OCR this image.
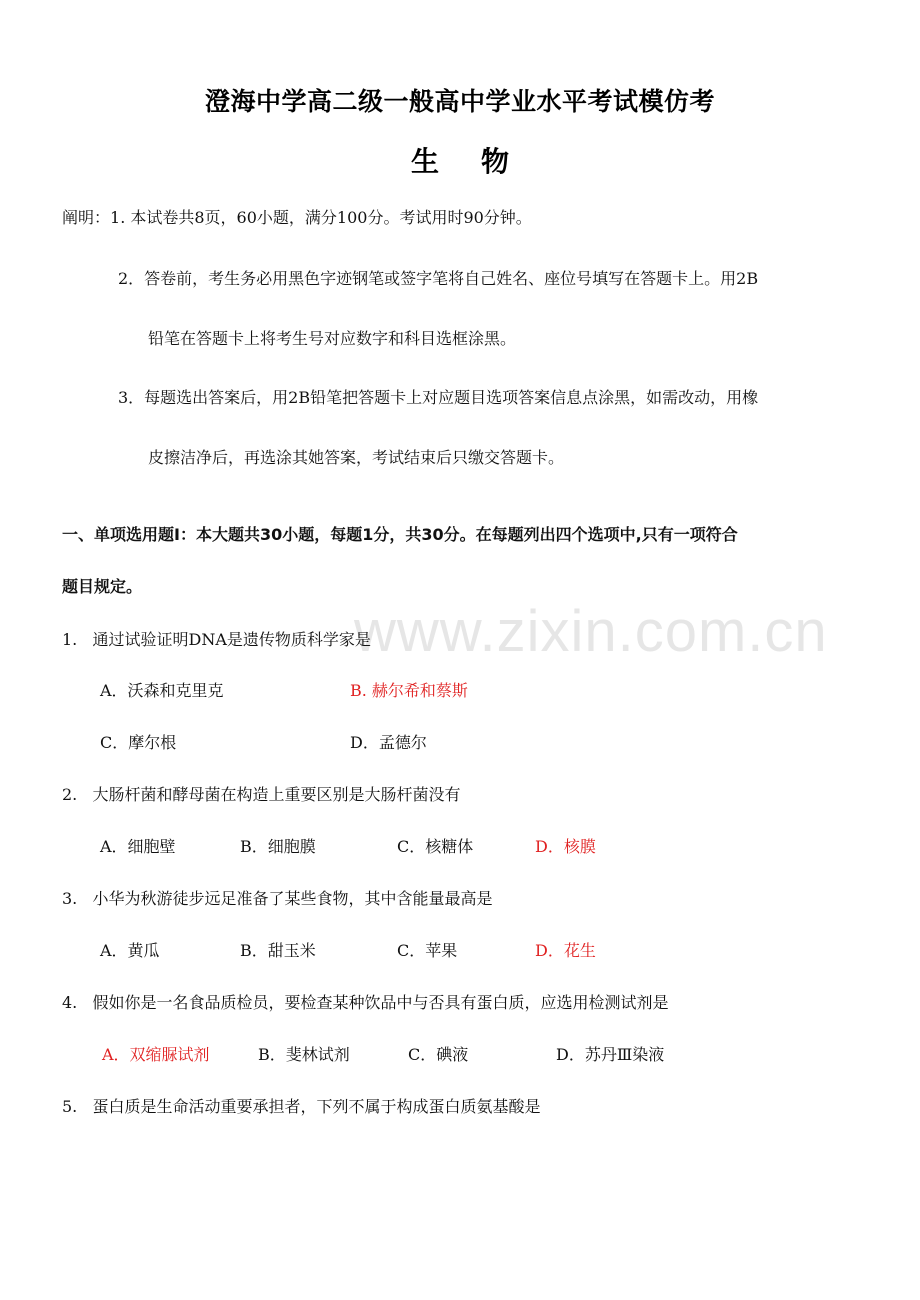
澄海中学高二级一般高中学业水平考试模仿考
生物
阐明：1. 本试卷共8页，60小题，满分100分。考试用时90分钟。
2．答卷前，考生务必用黑色字迹钢笔或签字笔将自己姓名、座位号填写在答题卡上。用2B
铅笔在答题卡上将考生号对应数字和科目选框涂黑。
3．每题选出答案后，用2B铅笔把答题卡上对应题目选项答案信息点涂黑，如需改动，用橡
皮擦洁净后，再选涂其她答案，考试结束后只缴交答题卡。
一、单项选用题Ⅰ：本大题共30小题，每题1分，共30分。在每题列出四个选项中,只有一项符合
题目规定。
www.zixin.com.cn
1. 通过试验证明DNA是遗传物质科学家是
A．沃森和克里克	B. 赫尔希和蔡斯
C．摩尔根	D．孟德尔
2. 大肠杆菌和酵母菌在构造上重要区别是大肠杆菌没有
A．细胞壁	B．细胞膜	C．核糖体	D．核膜
3. 小华为秋游徒步远足准备了某些食物，其中含能量最高是
A．黄瓜	B．甜玉米	C．苹果	D．花生
4. 假如你是一名食品质检员，要检查某种饮品中与否具有蛋白质，应选用检测试剂是
A．双缩脲试剂	B．斐林试剂	C．碘液	D．苏丹Ⅲ染液
5. 蛋白质是生命活动重要承担者，下列不属于构成蛋白质氨基酸是
